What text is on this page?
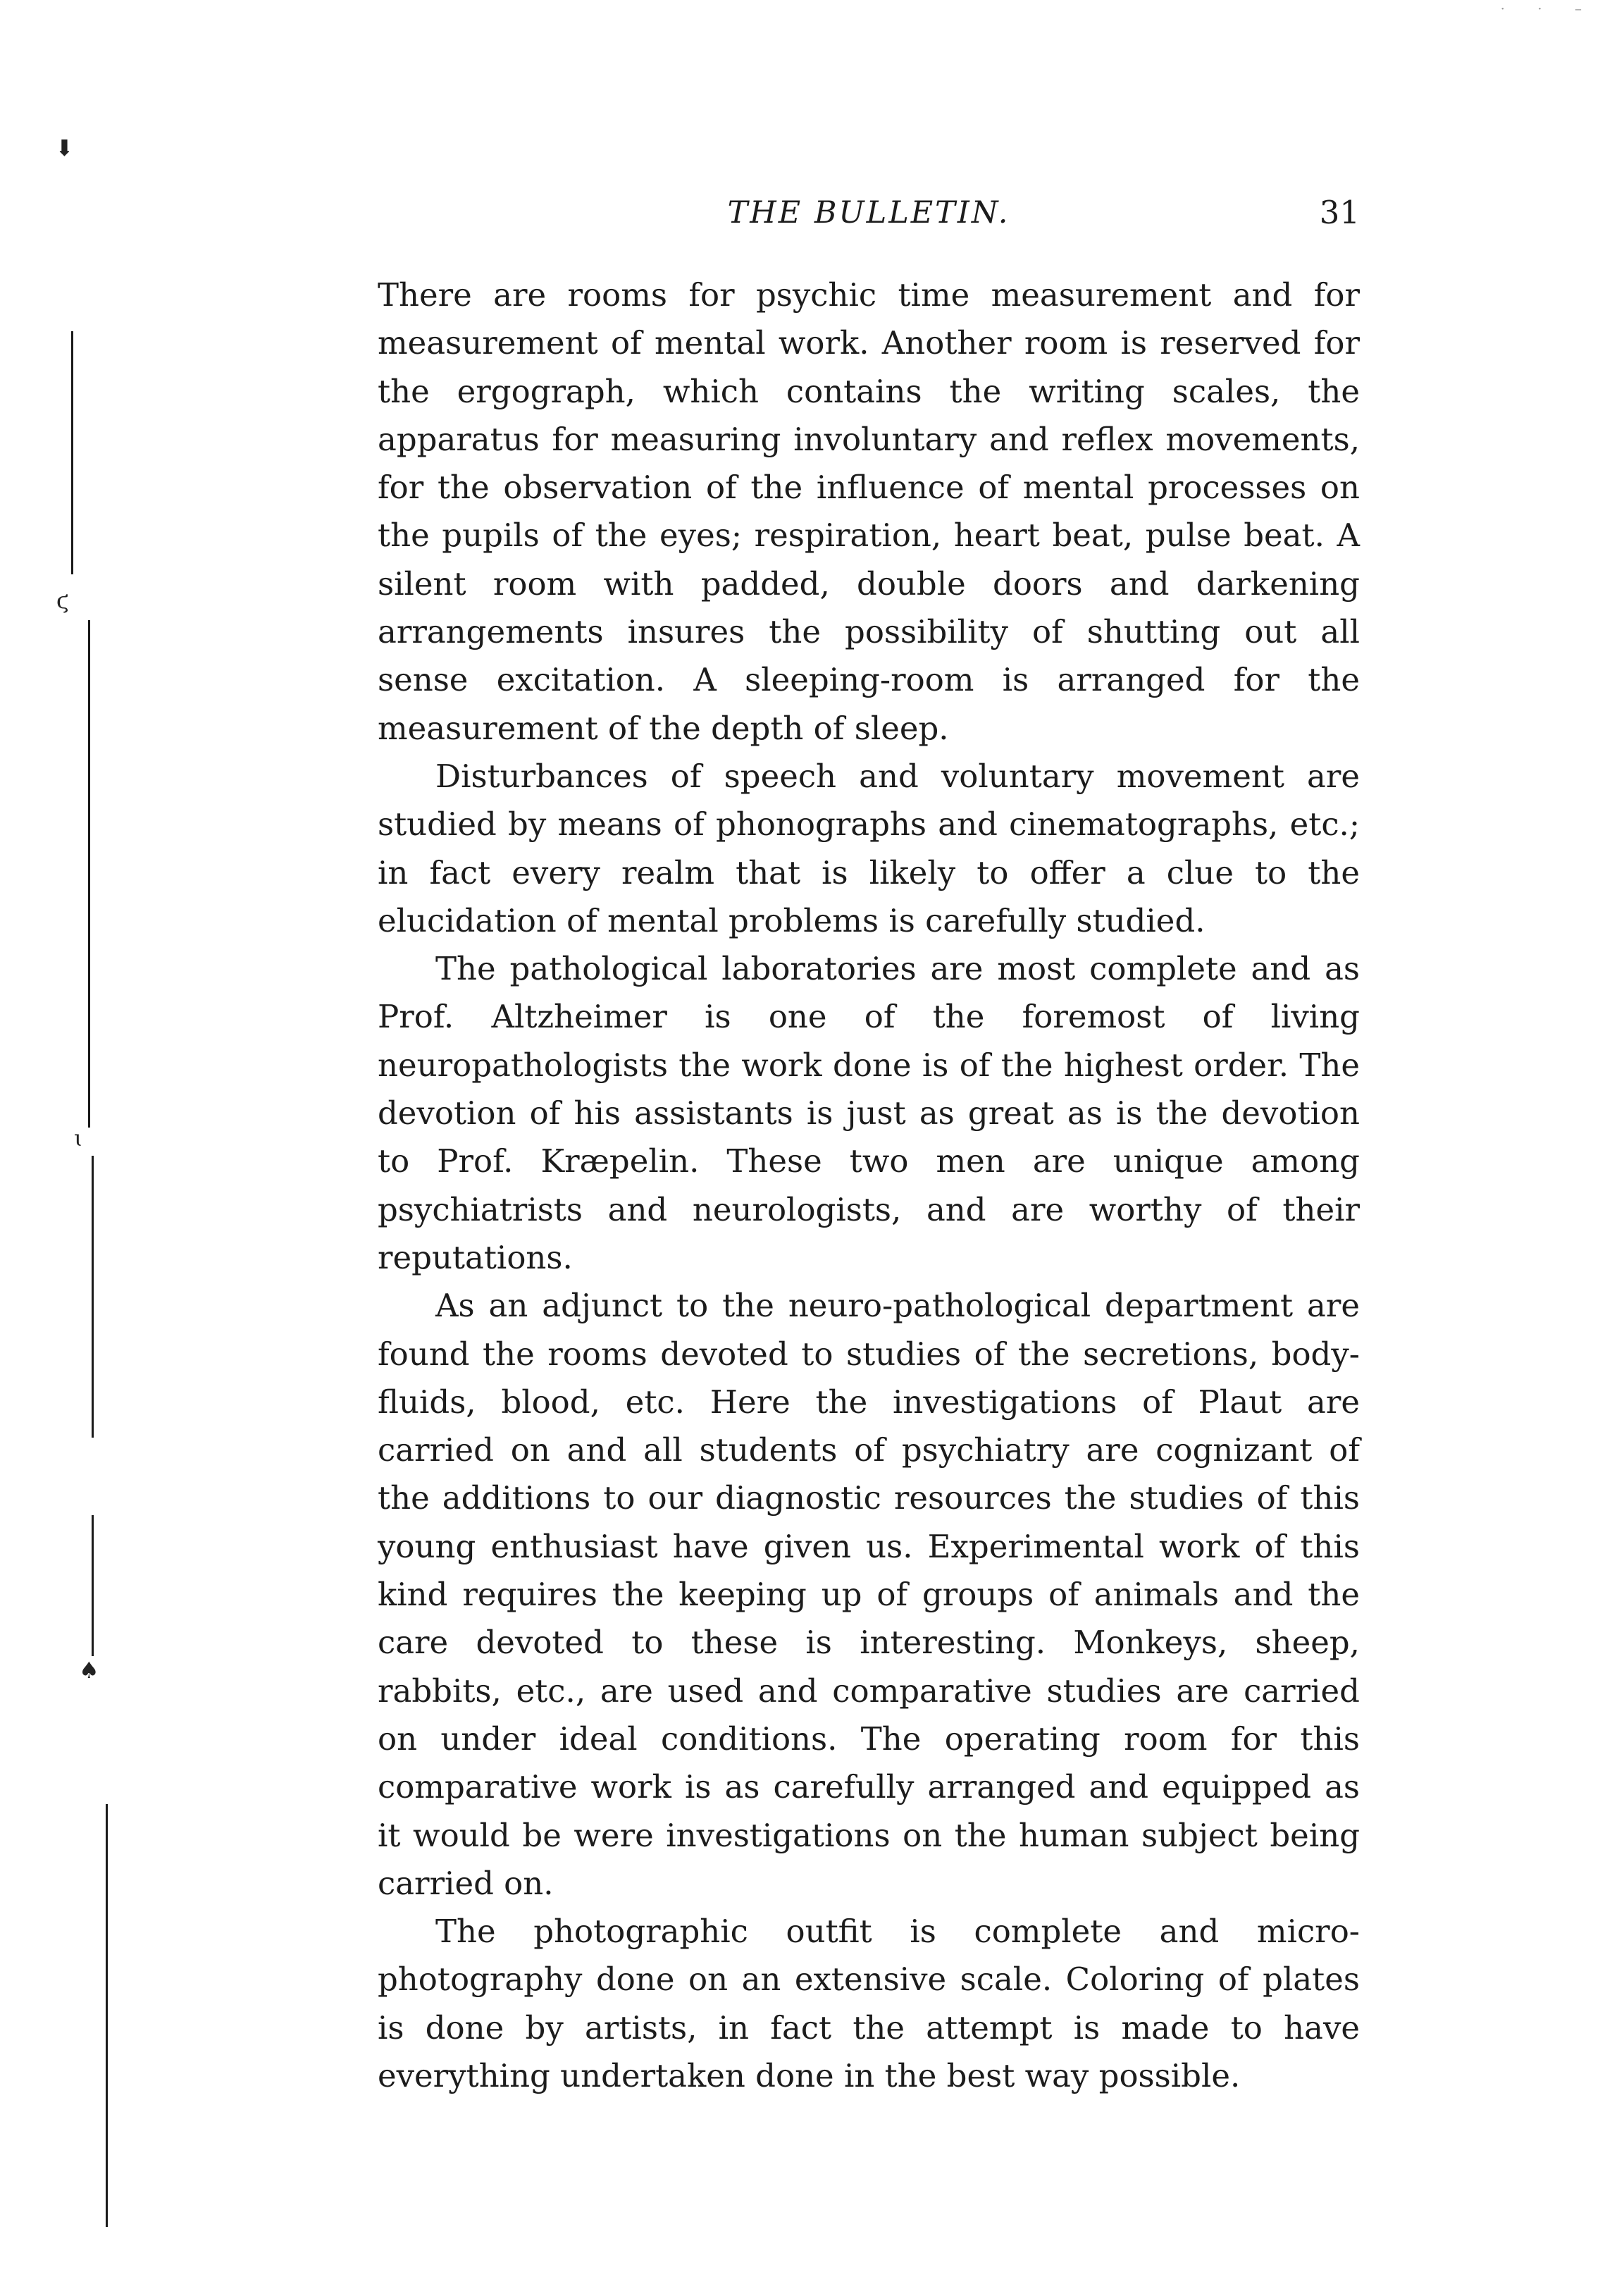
· · –
⬇
ϛ
ɩ
♠
THE BULLETIN.	31

There are rooms for psychic time measurement and for measurement of mental work. Another room is reserved for the ergograph, which contains the writing scales, the apparatus for measuring involuntary and reflex movements, for the observation of the influence of mental processes on the pupils of the eyes; respiration, heart beat, pulse beat. A silent room with padded, double doors and darkening arrangements insures the possibility of shutting out all sense excitation. A sleeping-room is arranged for the measurement of the depth of sleep.

Disturbances of speech and voluntary movement are studied by means of phonographs and cinematographs, etc.; in fact every realm that is likely to offer a clue to the elucidation of mental problems is carefully studied.

The pathological laboratories are most complete and as Prof. Altzheimer is one of the foremost of living neuropathologists the work done is of the highest order. The devotion of his assistants is just as great as is the devotion to Prof. Kræpelin. These two men are unique among psychiatrists and neurologists, and are worthy of their reputations.

As an adjunct to the neuro-pathological department are found the rooms devoted to studies of the secretions, body-fluids, blood, etc. Here the investigations of Plaut are carried on and all students of psychiatry are cognizant of the additions to our diagnostic resources the studies of this young enthusiast have given us. Experimental work of this kind requires the keeping up of groups of animals and the care devoted to these is interesting. Monkeys, sheep, rabbits, etc., are used and comparative studies are carried on under ideal conditions. The operating room for this comparative work is as carefully arranged and equipped as it would be were investigations on the human subject being carried on.

The photographic outfit is complete and micro-photography done on an extensive scale. Coloring of plates is done by artists, in fact the attempt is made to have everything undertaken done in the best way possible.
